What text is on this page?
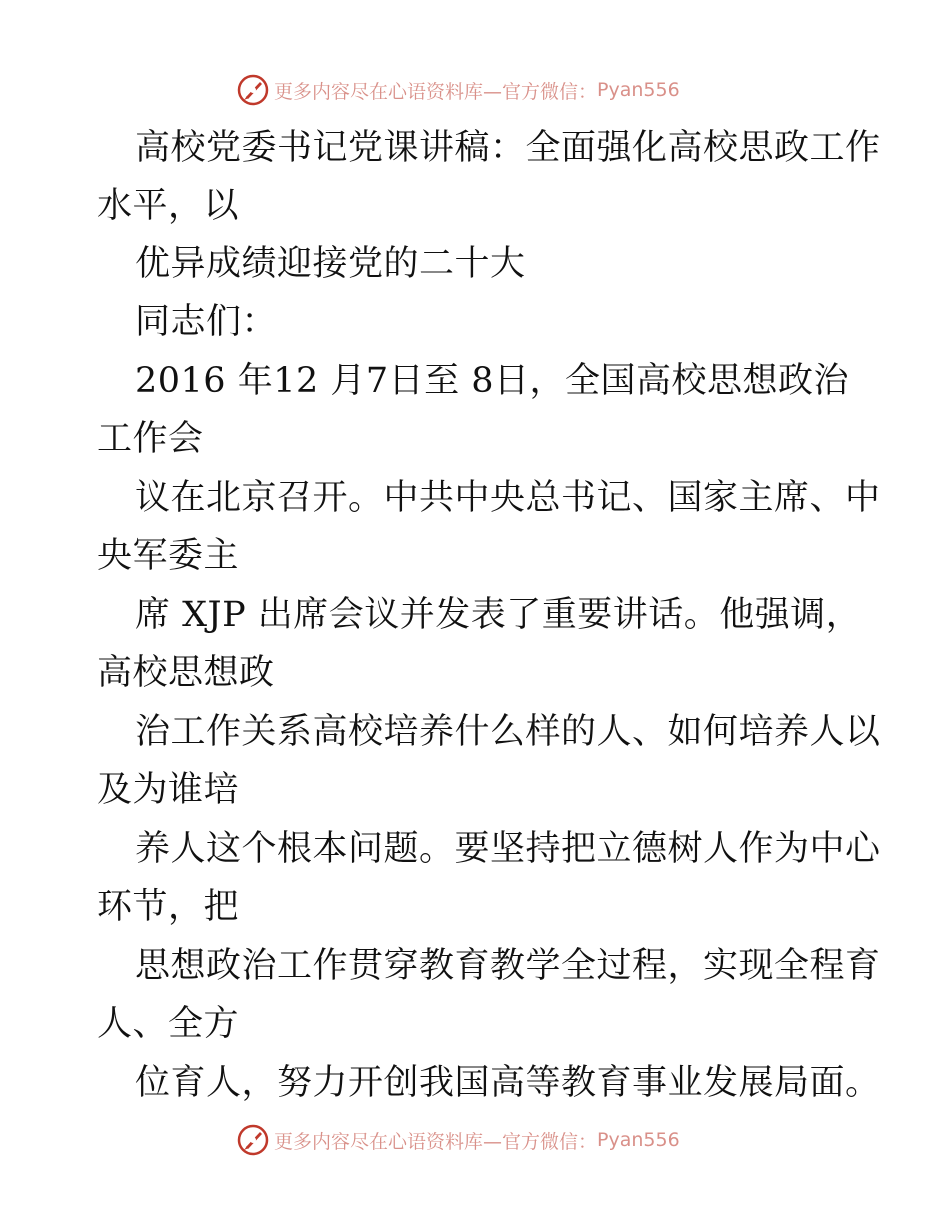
更多内容尽在心语资料库—官方微信： Pyan556
高校党委书记党课讲稿：全面强化高校思政工作
水平，以
优异成绩迎接党的二十大
同志们：
2016 年12 月7日至 8日，全国高校思想政治
工作会
议在北京召开。中共中央总书记、国家主席、中
央军委主
席 XJP 出席会议并发表了重要讲话。他强调，
高校思想政
治工作关系高校培养什么样的人、如何培养人以
及为谁培
养人这个根本问题。要坚持把立德树人作为中心
环节，把
思想政治工作贯穿教育教学全过程，实现全程育
人、全方
位育人，努力开创我国高等教育事业发展局面。
更多内容尽在心语资料库—官方微信： Pyan556
